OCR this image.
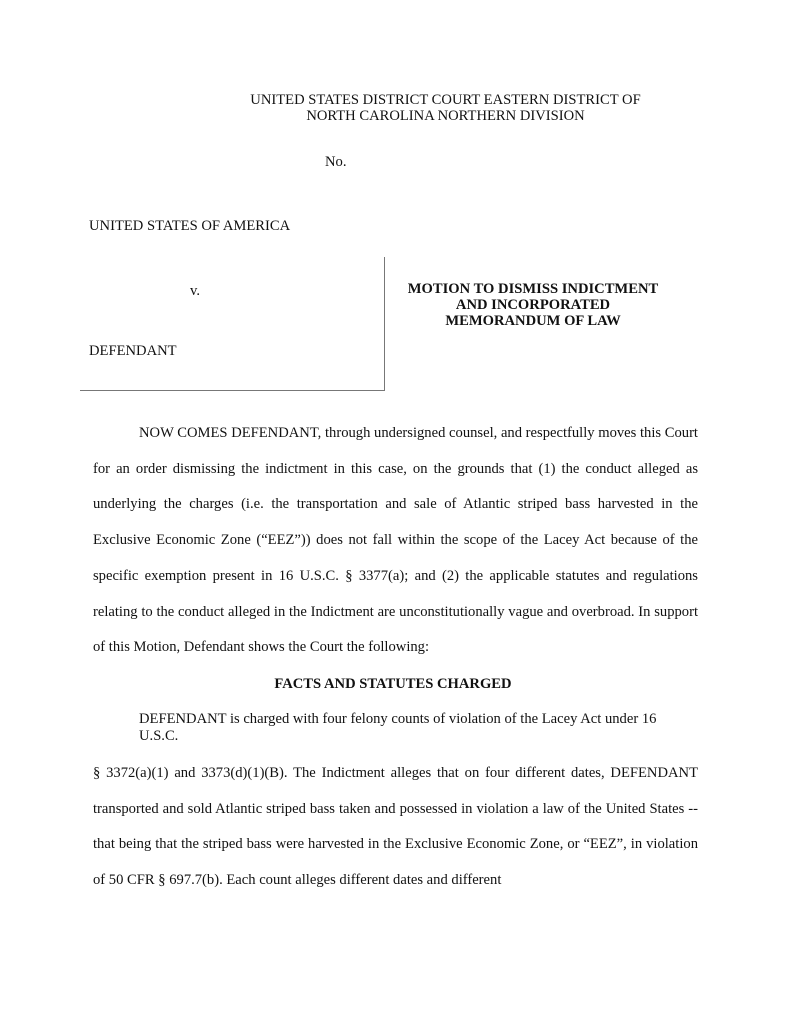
UNITED STATES DISTRICT COURT EASTERN DISTRICT OF
NORTH CAROLINA NORTHERN DIVISION
No.
UNITED STATES OF AMERICA
v.
DEFENDANT
MOTION TO DISMISS INDICTMENT
AND INCORPORATED
MEMORANDUM OF LAW

NOW COMES DEFENDANT, through undersigned counsel, and respectfully moves this Court for an order dismissing the indictment in this case, on the grounds that (1) the conduct alleged as underlying the charges (i.e. the transportation and sale of Atlantic striped bass harvested in the Exclusive Economic Zone (“EEZ”)) does not fall within the scope of the Lacey Act because of the specific exemption present in 16 U.S.C. § 3377(a); and (2) the applicable statutes and regulations relating to the conduct alleged in the Indictment are unconstitutionally vague and overbroad. In support of this Motion, Defendant shows the Court the following:

FACTS AND STATUTES CHARGED
DEFENDANT is charged with four felony counts of violation of the Lacey Act under 16 U.S.C.

§ 3372(a)(1) and 3373(d)(1)(B). The Indictment alleges that on four different dates, DEFENDANT transported and sold Atlantic striped bass taken and possessed in violation a law of the United States -- that being that the striped bass were harvested in the Exclusive Economic Zone, or “EEZ”, in violation of 50 CFR § 697.7(b). Each count alleges different dates and different
